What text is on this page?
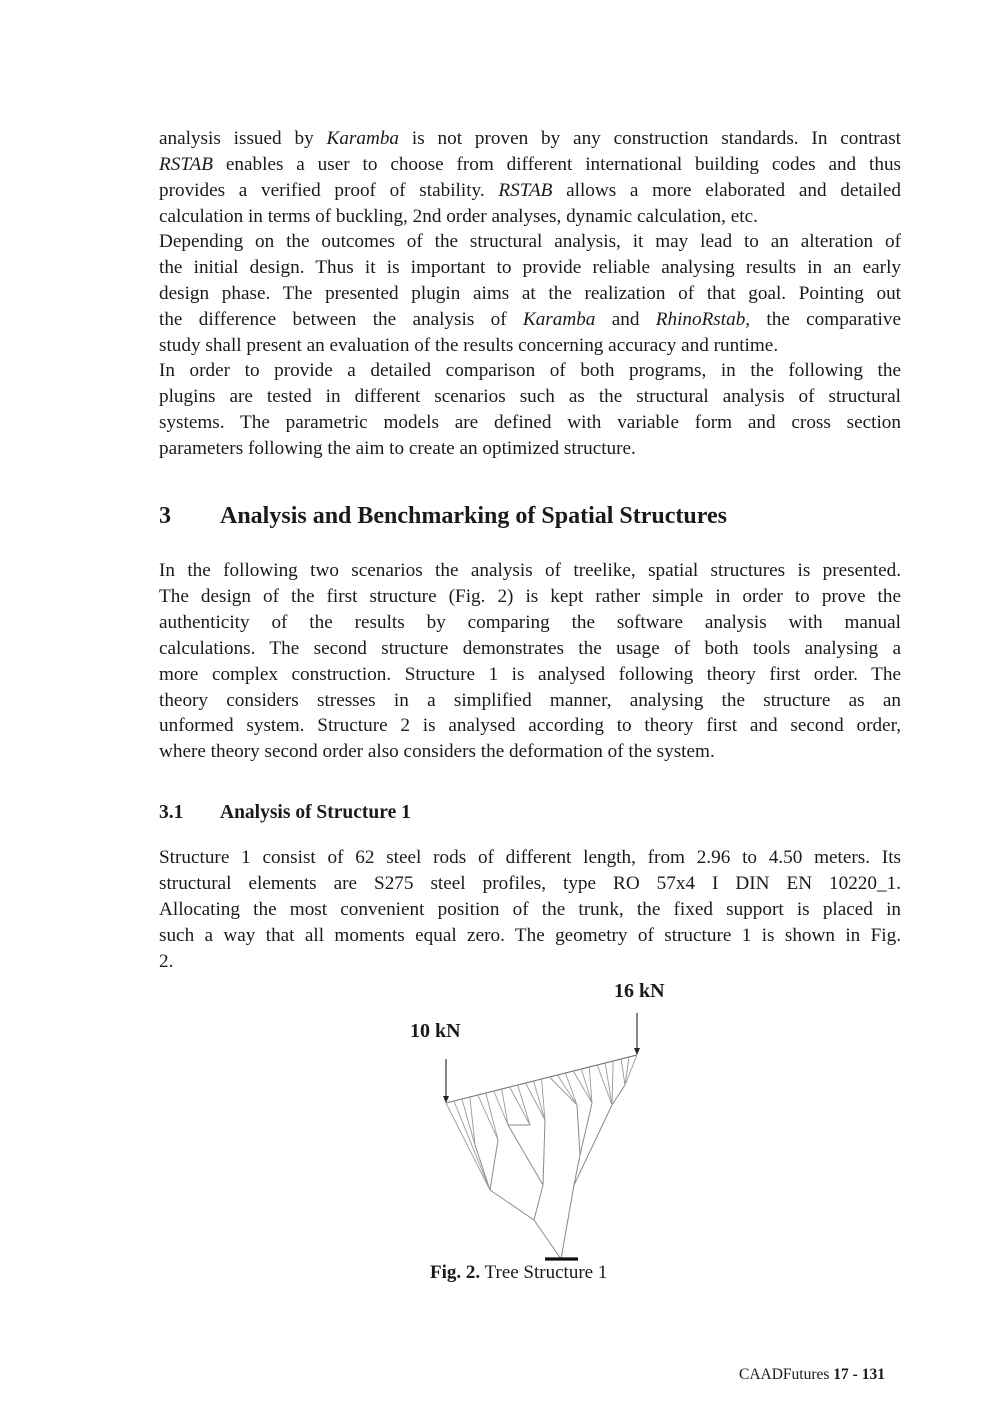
analysis issued by Karamba is not proven by any construction standards. In contrast
RSTAB enables a user to choose from different international building codes and thus
provides a verified proof of stability. RSTAB allows a more elaborated and detailed
calculation in terms of buckling, 2nd order analyses, dynamic calculation, etc.
Depending on the outcomes of the structural analysis, it may lead to an alteration of
the initial design. Thus it is important to provide reliable analysing results in an early
design phase. The presented plugin aims at the realization of that goal. Pointing out
the difference between the analysis of Karamba and RhinoRstab, the comparative
study shall present an evaluation of the results concerning accuracy and runtime.
In order to provide a detailed comparison of both programs, in the following the
plugins are tested in different scenarios such as the structural analysis of structural
systems. The parametric models are defined with variable form and cross section
parameters following the aim to create an optimized structure.
3 Analysis and Benchmarking of Spatial Structures
In the following two scenarios the analysis of treelike, spatial structures is presented.
The design of the first structure (Fig. 2) is kept rather simple in order to prove the
authenticity of the results by comparing the software analysis with manual
calculations. The second structure demonstrates the usage of both tools analysing a
more complex construction. Structure 1 is analysed following theory first order. The
theory considers stresses in a simplified manner, analysing the structure as an
unformed system. Structure 2 is analysed according to theory first and second order,
where theory second order also considers the deformation of the system.
3.1 Analysis of Structure 1
Structure 1 consist of 62 steel rods of different length, from 2.96 to 4.50 meters. Its
structural elements are S275 steel profiles, type RO 57x4 I DIN EN 10220_1.
Allocating the most convenient position of the trunk, the fixed support is placed in
such a way that all moments equal zero. The geometry of structure 1 is shown in Fig.
2.
10 kN
16 kN
Fig. 2. Tree Structure 1
CAADFutures 17 - 131
